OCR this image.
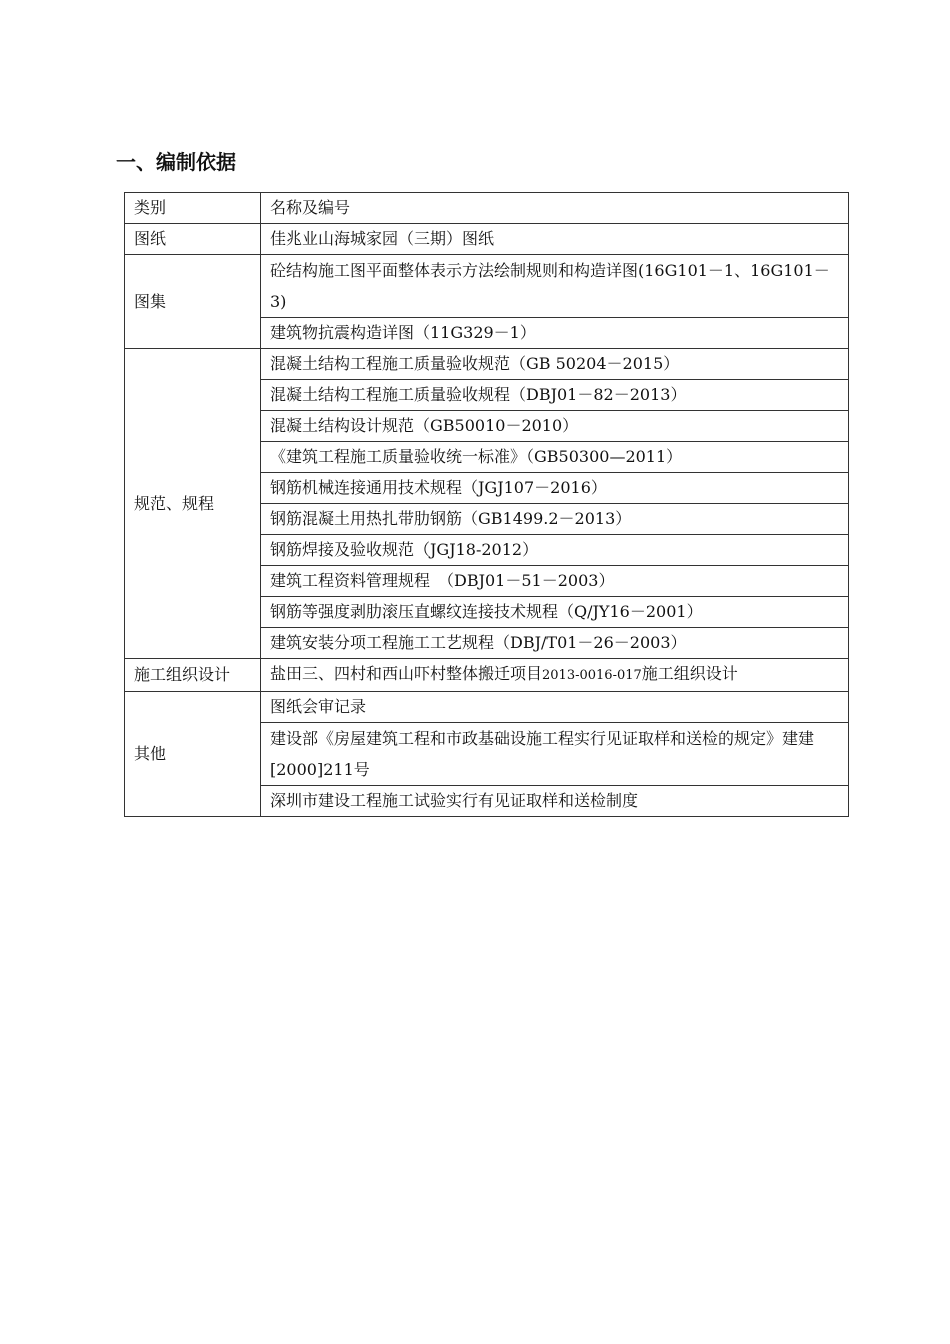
一、编制依据
类别	名称及编号
图纸	佳兆业山海城家园（三期）图纸
图集	砼结构施工图平面整体表示方法绘制规则和构造详图(16G101－1、16G101－3)
	建筑物抗震构造详图（11G329－1）
规范、规程	混凝土结构工程施工质量验收规范（GB 50204－2015）
	混凝土结构工程施工质量验收规程（DBJ01－82－2013）
	混凝土结构设计规范（GB50010－2010）
	《建筑工程施工质量验收统一标准》（GB50300—2011）
	钢筋机械连接通用技术规程（JGJ107－2016）
	钢筋混凝土用热扎带肋钢筋（GB1499.2－2013）
	钢筋焊接及验收规范（JGJ18-2012）
	建筑工程资料管理规程　（DBJ01－51－2003）
	钢筋等强度剥肋滚压直螺纹连接技术规程（Q/JY16－2001）
	建筑安装分项工程施工工艺规程（DBJ/T01－26－2003）
施工组织设计	盐田三、四村和西山吓村整体搬迁项目2013-0016-017施工组织设计
其他	图纸会审记录
	建设部《房屋建筑工程和市政基础设施工程实行见证取样和送检的规定》建建[2000]211号
	深圳市建设工程施工试验实行有见证取样和送检制度
